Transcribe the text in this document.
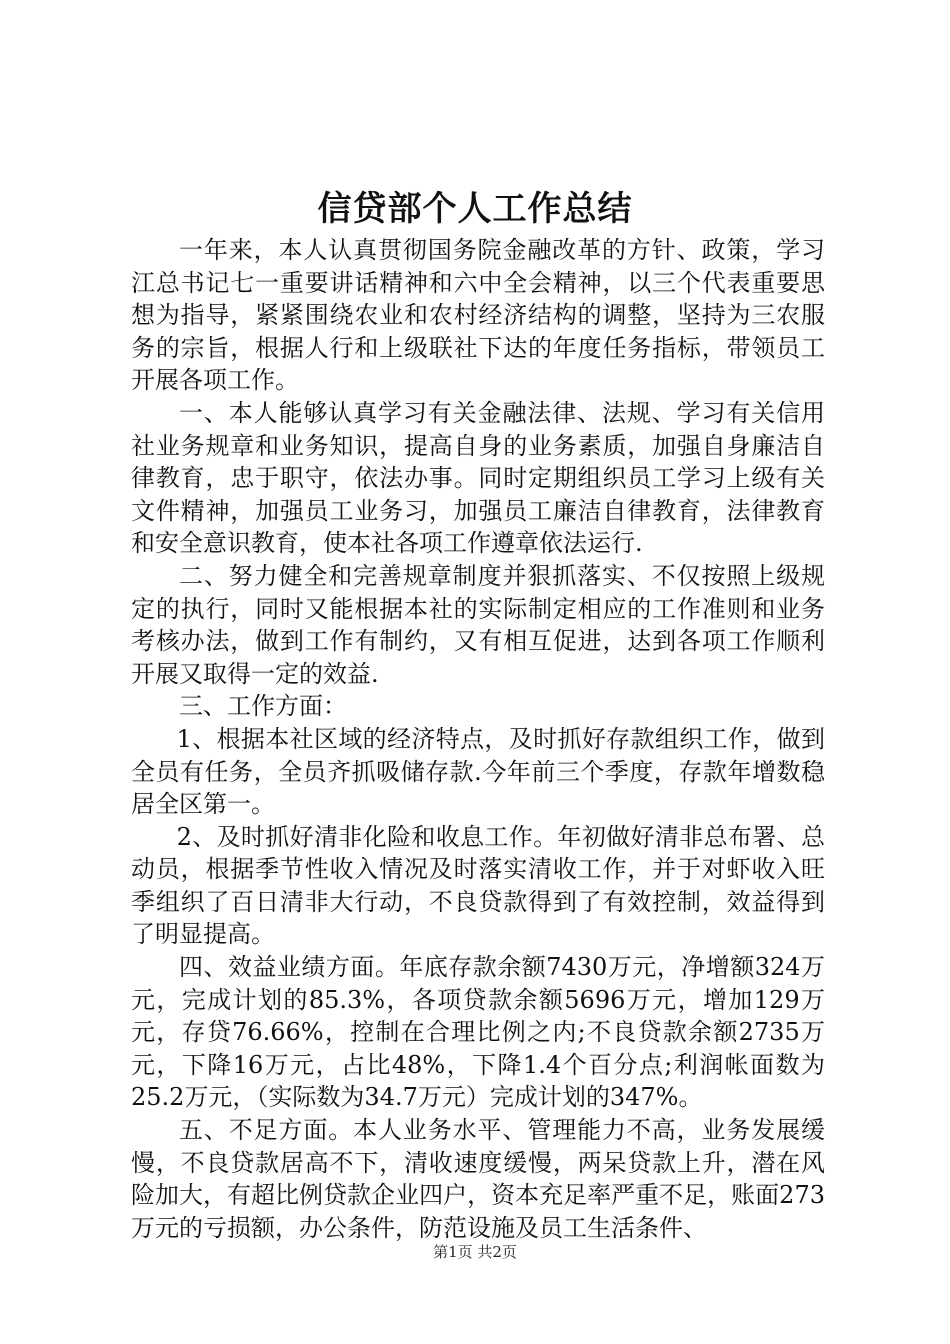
信贷部个人工作总结

一年来，本人认真贯彻国务院金融改革的方针、政策，学习江总书记七一重要讲话精神和六中全会精神，以三个代表重要思想为指导，紧紧围绕农业和农村经济结构的调整，坚持为三农服务的宗旨，根据人行和上级联社下达的年度任务指标，带领员工开展各项工作。

一、本人能够认真学习有关金融法律、法规、学习有关信用社业务规章和业务知识，提高自身的业务素质，加强自身廉洁自律教育，忠于职守，依法办事。同时定期组织员工学习上级有关文件精神，加强员工业务习，加强员工廉洁自律教育，法律教育和安全意识教育，使本社各项工作遵章依法运行.

二、努力健全和完善规章制度并狠抓落实、不仅按照上级规定的执行，同时又能根据本社的实际制定相应的工作准则和业务考核办法，做到工作有制约，又有相互促进，达到各项工作顺利开展又取得一定的效益.

三、工作方面：

1、根据本社区域的经济特点，及时抓好存款组织工作，做到全员有任务，全员齐抓吸储存款.今年前三个季度，存款年增数稳居全区第一。

2、及时抓好清非化险和收息工作。年初做好清非总布署、总动员，根据季节性收入情况及时落实清收工作，并于对虾收入旺季组织了百日清非大行动，不良贷款得到了有效控制，效益得到了明显提高。

四、效益业绩方面。年底存款余额7430万元，净增额324万元，完成计划的85.3%，各项贷款余额5696万元，增加129万元，存贷76.66%，控制在合理比例之内;不良贷款余额2735万元，下降16万元，占比48%，下降1.4个百分点;利润帐面数为25.2万元，（实际数为34.7万元）完成计划的347%。

五、不足方面。本人业务水平、管理能力不高，业务发展缓慢，不良贷款居高不下，清收速度缓慢，两呆贷款上升，潜在风险加大，有超比例贷款企业四户，资本充足率严重不足，账面273万元的亏损额，办公条件，防范设施及员工生活条件、

第1页 共2页
